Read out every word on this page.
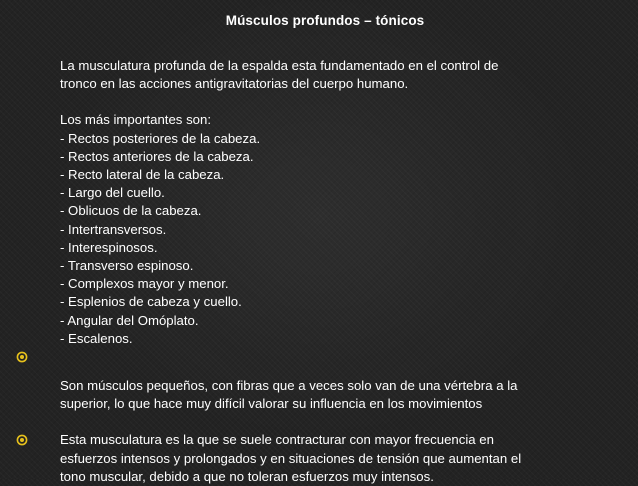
Músculos profundos – tónicos

La musculatura profunda de la espalda esta fundamentado en el control de
tronco en las acciones antigravitatorias del cuerpo humano.

Los más importantes son:

- Rectos posteriores de la cabeza.
- Rectos anteriores de la cabeza.
- Recto lateral de la cabeza.
- Largo del cuello.
- Oblicuos de la cabeza.
- Intertransversos.
- Interespinosos.
- Transverso espinoso.
- Complexos mayor y menor.
- Esplenios de cabeza y cuello.
- Angular del Omóplato.
- Escalenos.

Son músculos pequeños, con fibras que a veces solo van de una vértebra a la
superior, lo que hace muy difícil valorar su influencia en los movimientos

Esta musculatura es la que se suele contracturar con mayor frecuencia en
esfuerzos intensos y prolongados y en situaciones de tensión que aumentan el
tono muscular, debido a que no toleran esfuerzos muy intensos.
